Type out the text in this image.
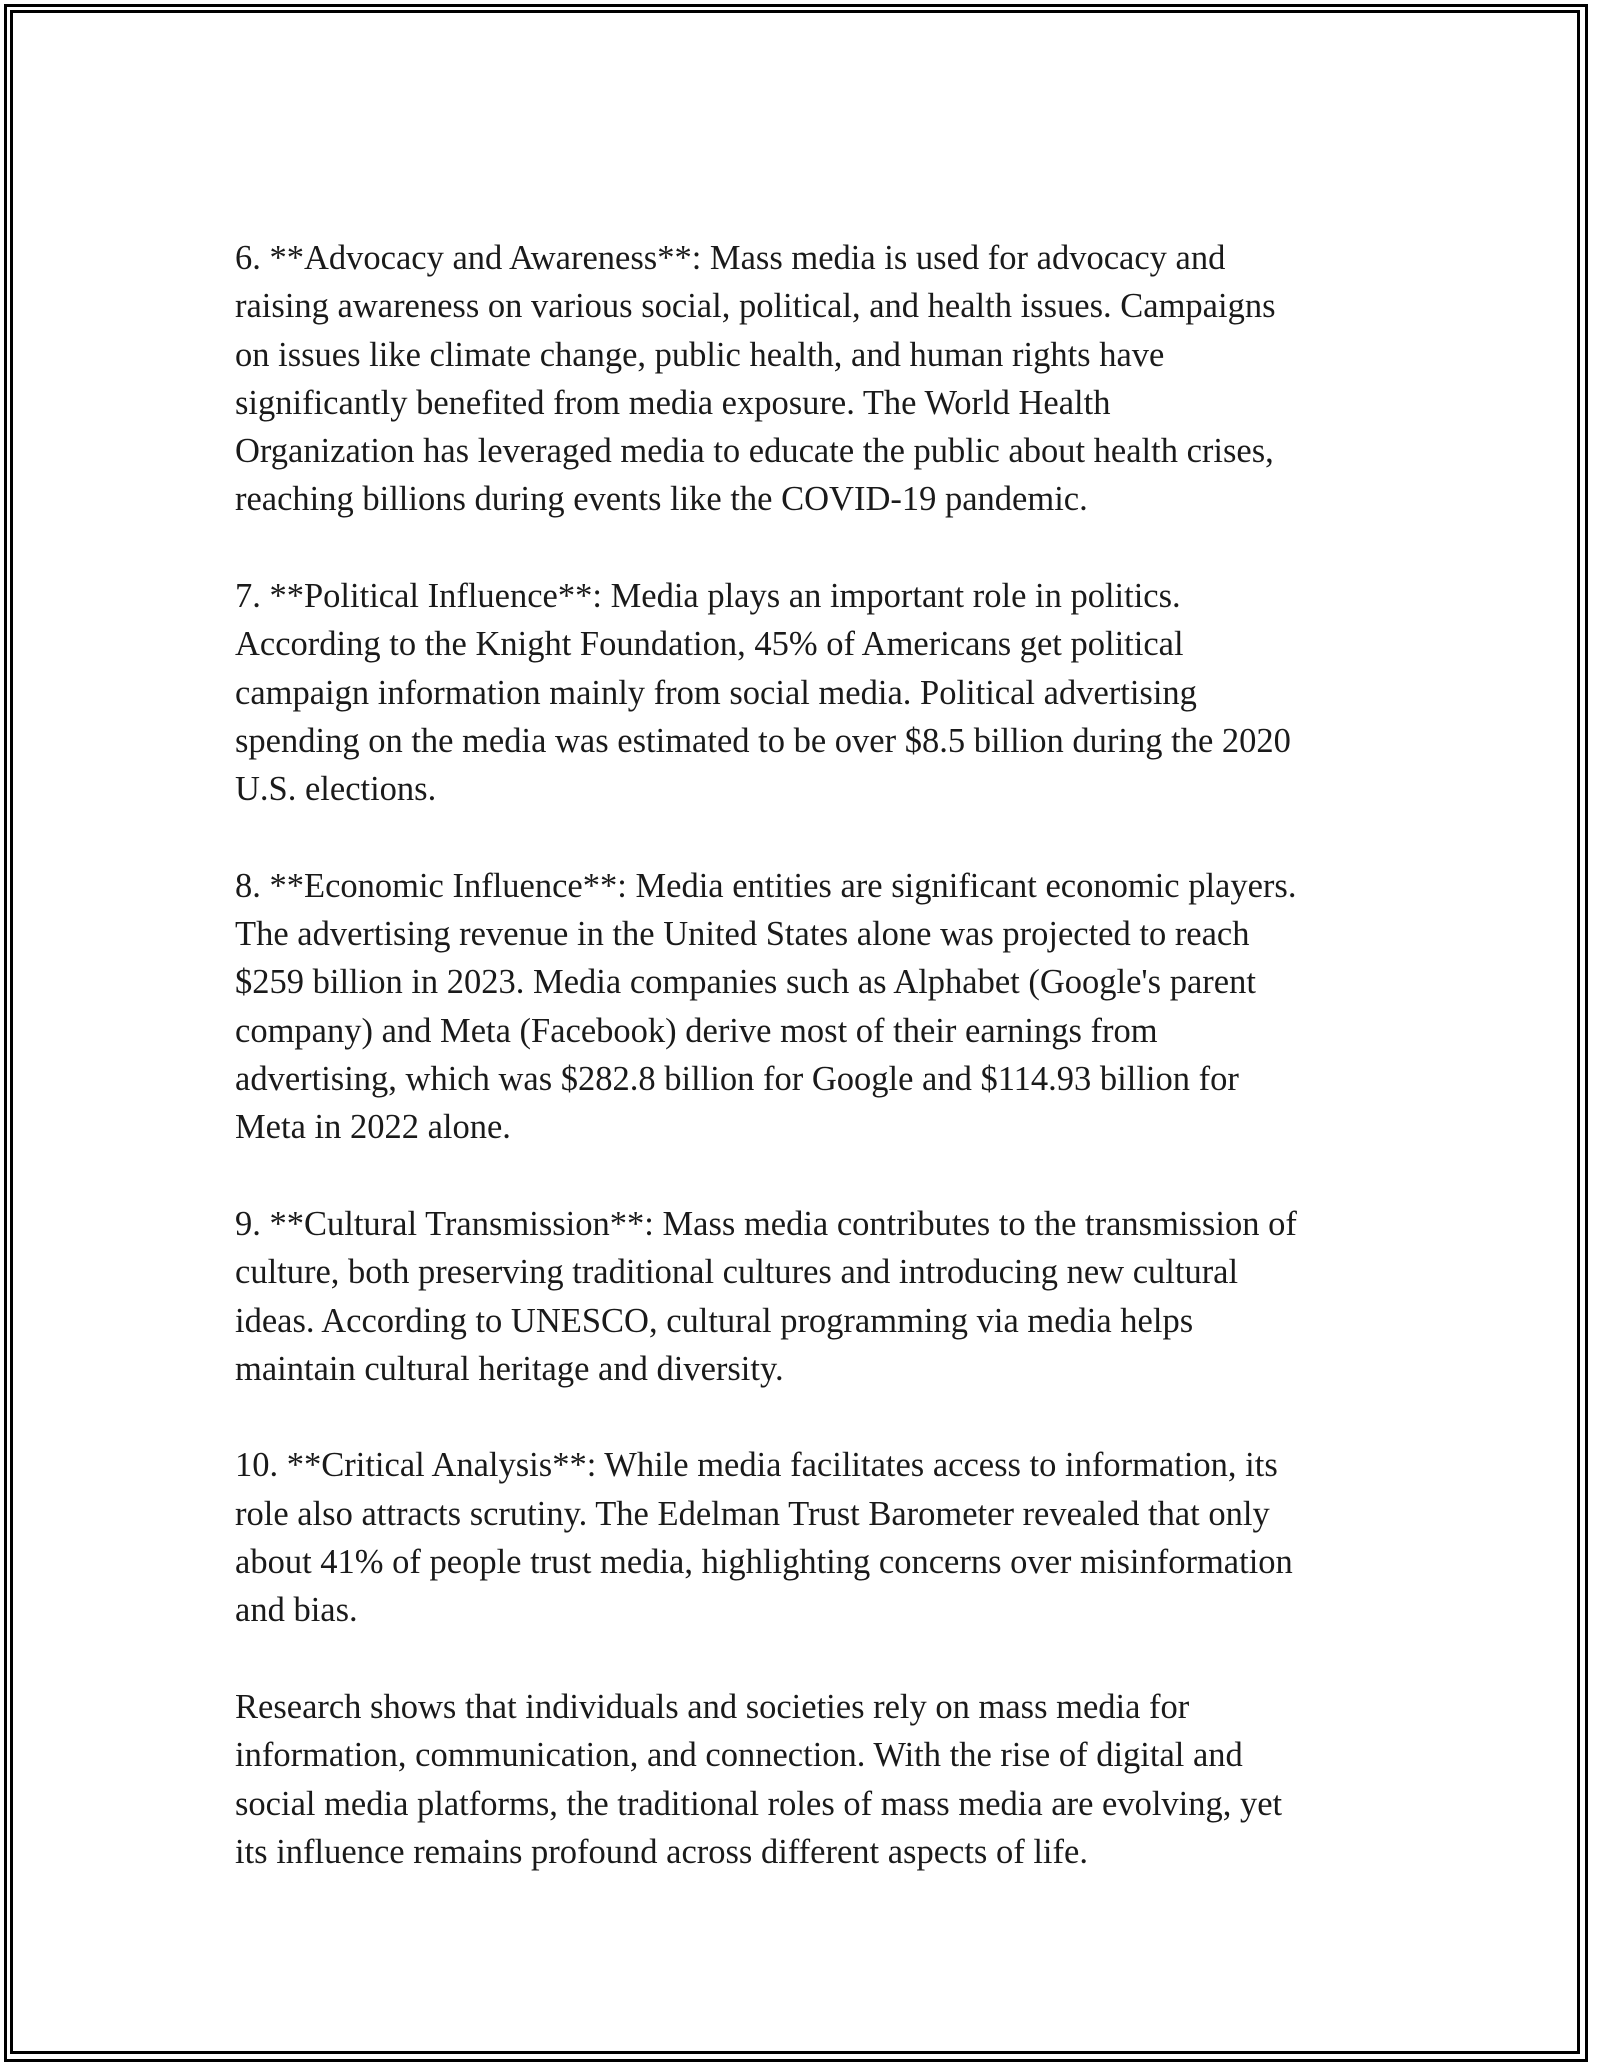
6. **Advocacy and Awareness**: Mass media is used for advocacy and
raising awareness on various social, political, and health issues. Campaigns
on issues like climate change, public health, and human rights have
significantly benefited from media exposure. The World Health
Organization has leveraged media to educate the public about health crises,
reaching billions during events like the COVID-19 pandemic.

7. **Political Influence**: Media plays an important role in politics.
According to the Knight Foundation, 45% of Americans get political
campaign information mainly from social media. Political advertising
spending on the media was estimated to be over $8.5 billion during the 2020
U.S. elections.

8. **Economic Influence**: Media entities are significant economic players.
The advertising revenue in the United States alone was projected to reach
$259 billion in 2023. Media companies such as Alphabet (Google's parent
company) and Meta (Facebook) derive most of their earnings from
advertising, which was $282.8 billion for Google and $114.93 billion for
Meta in 2022 alone.

9. **Cultural Transmission**: Mass media contributes to the transmission of
culture, both preserving traditional cultures and introducing new cultural
ideas. According to UNESCO, cultural programming via media helps
maintain cultural heritage and diversity.

10. **Critical Analysis**: While media facilitates access to information, its
role also attracts scrutiny. The Edelman Trust Barometer revealed that only
about 41% of people trust media, highlighting concerns over misinformation
and bias.

Research shows that individuals and societies rely on mass media for
information, communication, and connection. With the rise of digital and
social media platforms, the traditional roles of mass media are evolving, yet
its influence remains profound across different aspects of life.
